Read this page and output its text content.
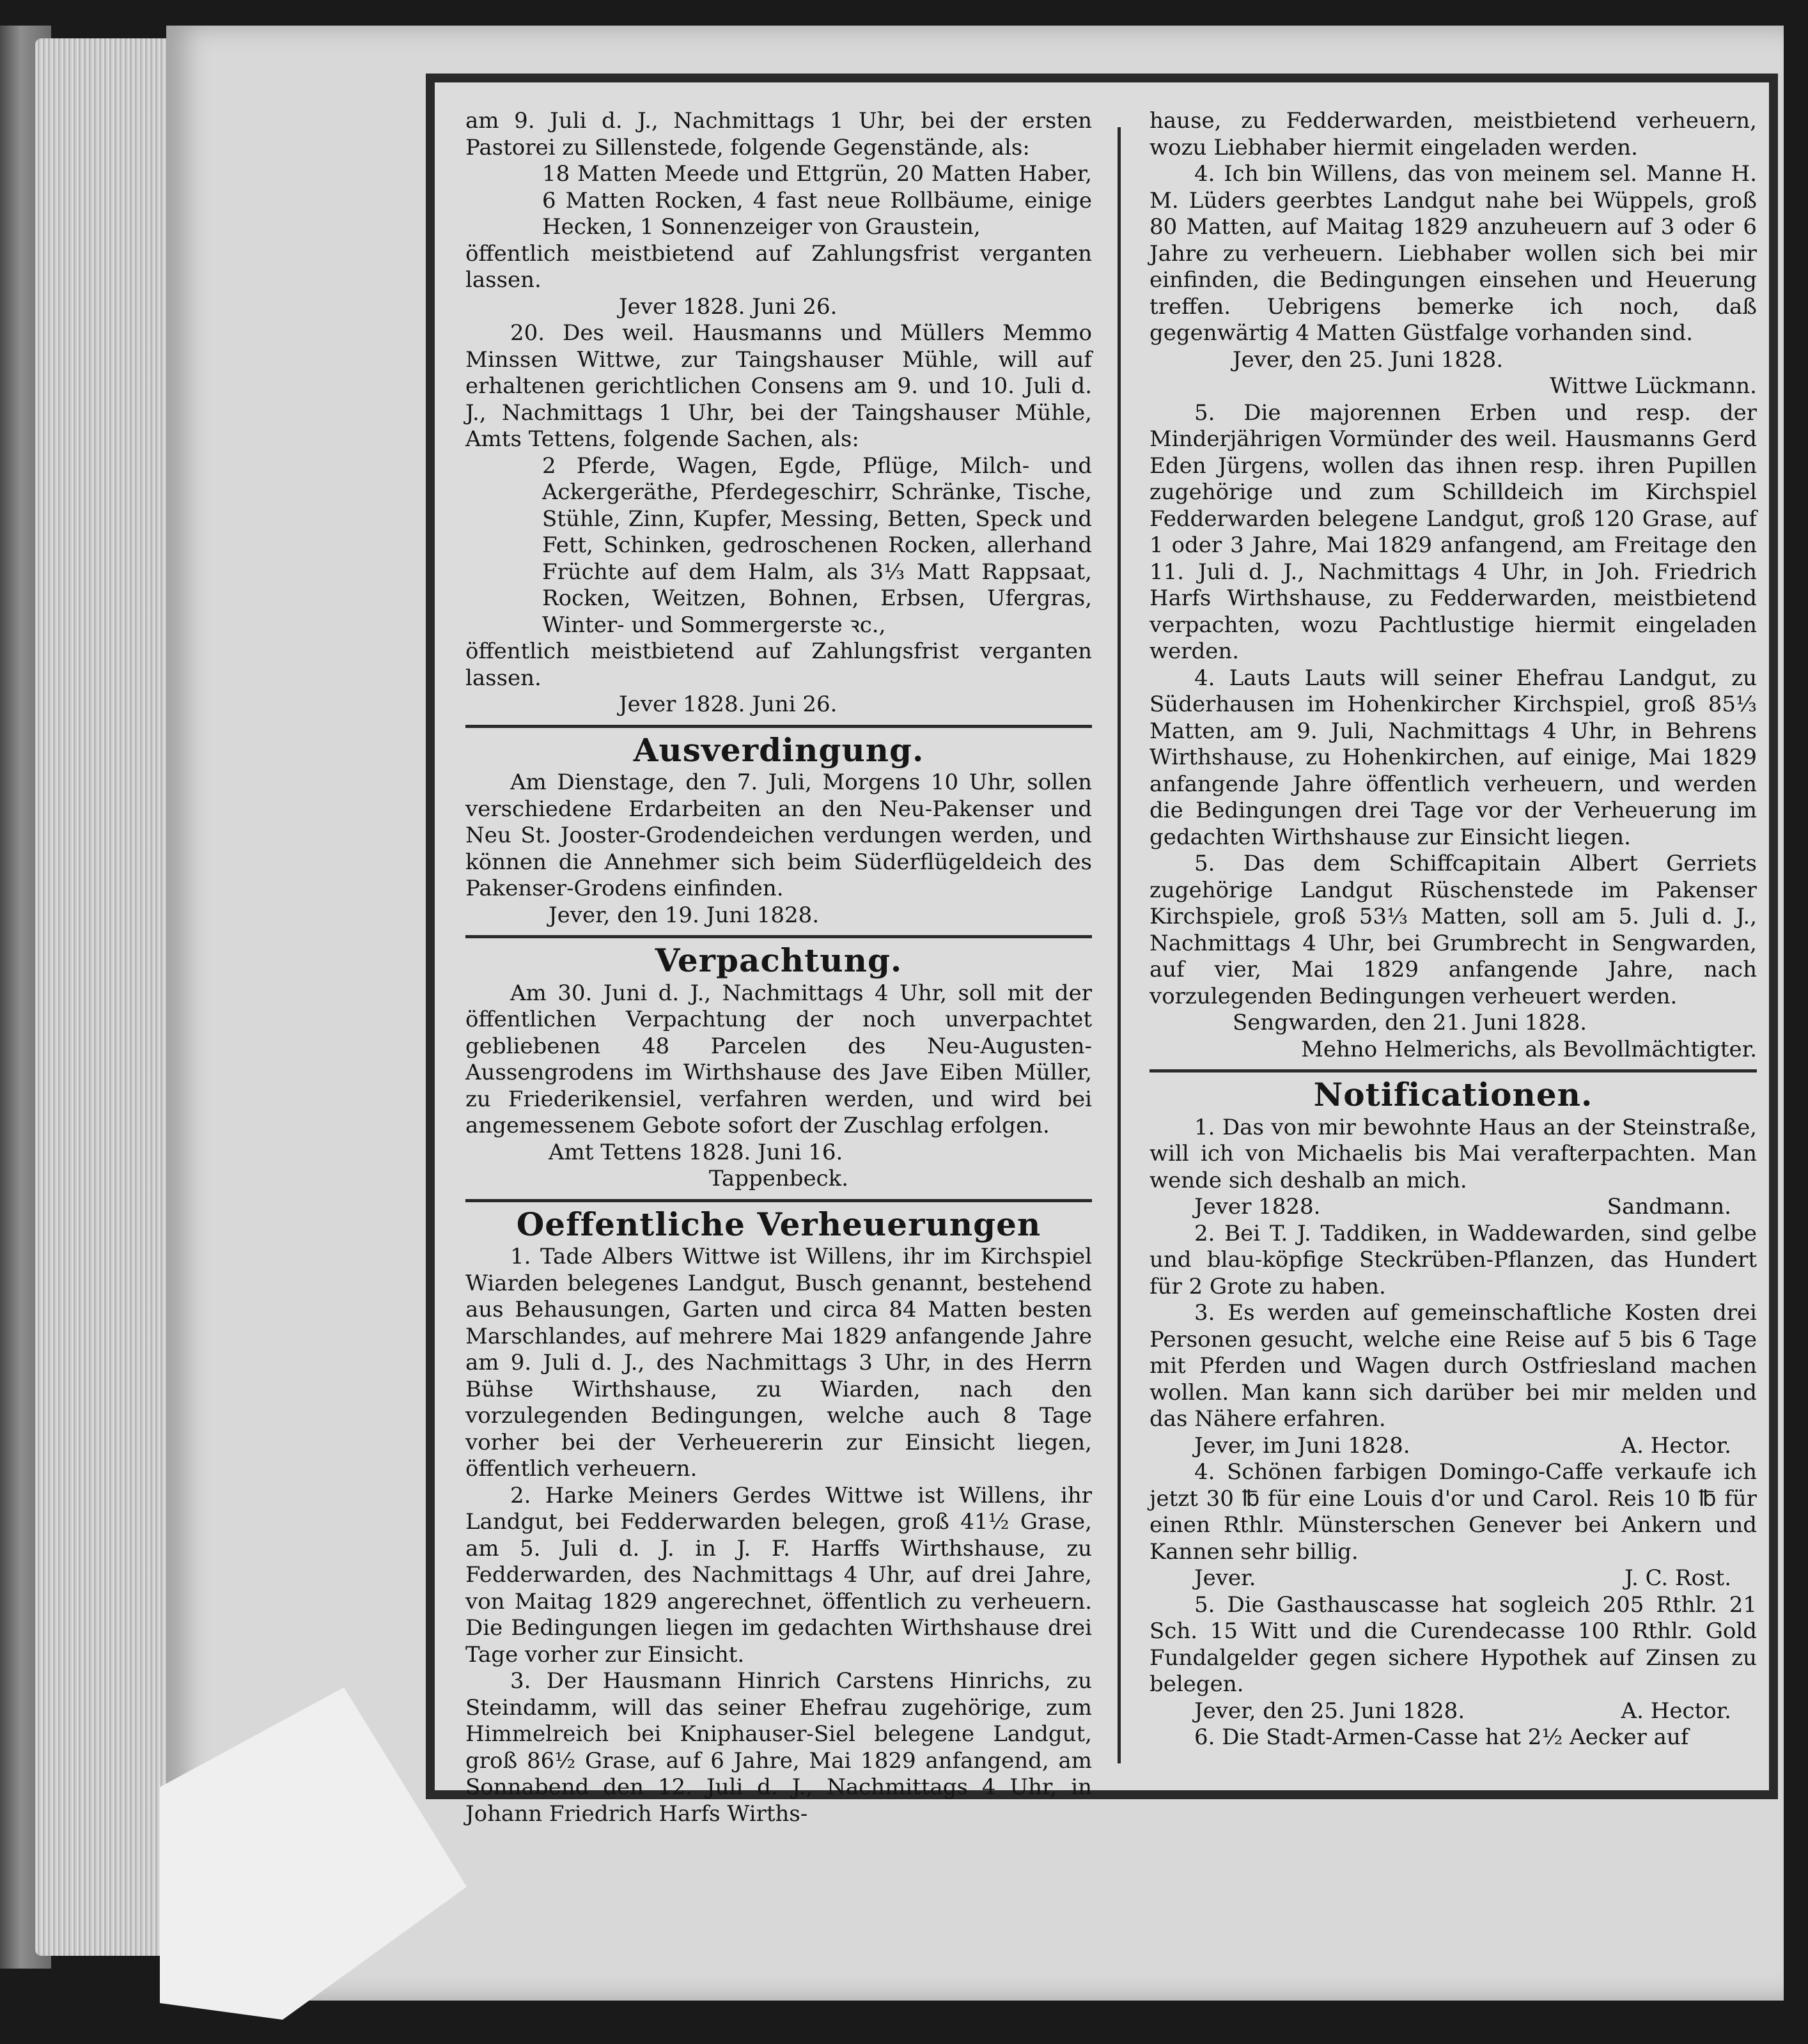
am 9. Juli d. J., Nachmittags 1 Uhr, bei der ersten Pastorei zu Sillenstede, folgende Gegenstände, als:

18 Matten Meede und Ettgrün, 20 Matten Haber, 6 Matten Rocken, 4 fast neue Rollbäume, einige Hecken, 1 Sonnenzeiger von Graustein,

öffentlich meistbietend auf Zahlungsfrist verganten lassen.

Jever 1828. Juni 26.

20. Des weil. Hausmanns und Müllers Memmo Minssen Wittwe, zur Taingshauser Mühle, will auf erhaltenen gerichtlichen Consens am 9. und 10. Juli d. J., Nachmittags 1 Uhr, bei der Taingshauser Mühle, Amts Tettens, folgende Sachen, als:

2 Pferde, Wagen, Egde, Pflüge, Milch- und Ackergeräthe, Pferdegeschirr, Schränke, Tische, Stühle, Zinn, Kupfer, Messing, Betten, Speck und Fett, Schinken, gedroschenen Rocken, allerhand Früchte auf dem Halm, als 3⅓ Matt Rappsaat, Rocken, Weitzen, Bohnen, Erbsen, Ufergras, Winter- und Sommergerste ꝛc.,

öffentlich meistbietend auf Zahlungsfrist verganten lassen.

Jever 1828. Juni 26.

Ausverdingung.

Am Dienstage, den 7. Juli, Morgens 10 Uhr, sollen verschiedene Erdarbeiten an den Neu-Pakenser und Neu St. Jooster-Grodendeichen verdungen werden, und können die Annehmer sich beim Süderflügeldeich des Pakenser-Grodens einfinden.

Jever, den 19. Juni 1828.

Verpachtung.

Am 30. Juni d. J., Nachmittags 4 Uhr, soll mit der öffentlichen Verpachtung der noch unverpachtet gebliebenen 48 Parcelen des Neu-Augusten-Aussengrodens im Wirthshause des Jave Eiben Müller, zu Friederikensiel, verfahren werden, und wird bei angemessenem Gebote sofort der Zuschlag erfolgen.

Amt Tettens 1828. Juni 16.

Tappenbeck.

Oeffentliche Verheuerungen

1. Tade Albers Wittwe ist Willens, ihr im Kirchspiel Wiarden belegenes Landgut, Busch genannt, bestehend aus Behausungen, Garten und circa 84 Matten besten Marschlandes, auf mehrere Mai 1829 anfangende Jahre am 9. Juli d. J., des Nachmittags 3 Uhr, in des Herrn Bühse Wirthshause, zu Wiarden, nach den vorzulegenden Bedingungen, welche auch 8 Tage vorher bei der Verheuererin zur Einsicht liegen, öffentlich verheuern.

2. Harke Meiners Gerdes Wittwe ist Willens, ihr Landgut, bei Fedderwarden belegen, groß 41½ Grase, am 5. Juli d. J. in J. F. Harffs Wirthshause, zu Fedderwarden, des Nachmittags 4 Uhr, auf drei Jahre, von Maitag 1829 angerechnet, öffentlich zu verheuern. Die Bedingungen liegen im gedachten Wirthshause drei Tage vorher zur Einsicht.

3. Der Hausmann Hinrich Carstens Hinrichs, zu Steindamm, will das seiner Ehefrau zugehörige, zum Himmelreich bei Kniphauser-Siel belegene Landgut, groß 86½ Grase, auf 6 Jahre, Mai 1829 anfangend, am Sonnabend den 12. Juli d. J., Nachmittags 4 Uhr, in Johann Friedrich Harfs Wirths-

hause, zu Fedderwarden, meistbietend verheuern, wozu Liebhaber hiermit eingeladen werden.

4. Ich bin Willens, das von meinem sel. Manne H. M. Lüders geerbtes Landgut nahe bei Wüppels, groß 80 Matten, auf Maitag 1829 anzuheuern auf 3 oder 6 Jahre zu verheuern. Liebhaber wollen sich bei mir einfinden, die Bedingungen einsehen und Heuerung treffen. Uebrigens bemerke ich noch, daß gegenwärtig 4 Matten Güstfalge vorhanden sind.

Jever, den 25. Juni 1828.

Wittwe Lückmann.

5. Die majorennen Erben und resp. der Minderjährigen Vormünder des weil. Hausmanns Gerd Eden Jürgens, wollen das ihnen resp. ihren Pupillen zugehörige und zum Schilldeich im Kirchspiel Fedderwarden belegene Landgut, groß 120 Grase, auf 1 oder 3 Jahre, Mai 1829 anfangend, am Freitage den 11. Juli d. J., Nachmittags 4 Uhr, in Joh. Friedrich Harfs Wirthshause, zu Fedderwarden, meistbietend verpachten, wozu Pachtlustige hiermit eingeladen werden.

4. Lauts Lauts will seiner Ehefrau Landgut, zu Süderhausen im Hohenkircher Kirchspiel, groß 85⅓ Matten, am 9. Juli, Nachmittags 4 Uhr, in Behrens Wirthshause, zu Hohenkirchen, auf einige, Mai 1829 anfangende Jahre öffentlich verheuern, und werden die Bedingungen drei Tage vor der Verheuerung im gedachten Wirthshause zur Einsicht liegen.

5. Das dem Schiffcapitain Albert Gerriets zugehörige Landgut Rüschenstede im Pakenser Kirchspiele, groß 53⅓ Matten, soll am 5. Juli d. J., Nachmittags 4 Uhr, bei Grumbrecht in Sengwarden, auf vier, Mai 1829 anfangende Jahre, nach vorzulegenden Bedingungen verheuert werden.

Sengwarden, den 21. Juni 1828.

Mehno Helmerichs, als Bevollmächtigter.

Notificationen.

1. Das von mir bewohnte Haus an der Steinstraße, will ich von Michaelis bis Mai verafterpachten. Man wende sich deshalb an mich.

Jever 1828.	Sandmann.

2. Bei T. J. Taddiken, in Waddewarden, sind gelbe und blau-köpfige Steckrüben-Pflanzen, das Hundert für 2 Grote zu haben.

3. Es werden auf gemeinschaftliche Kosten drei Personen gesucht, welche eine Reise auf 5 bis 6 Tage mit Pferden und Wagen durch Ostfriesland machen wollen. Man kann sich darüber bei mir melden und das Nähere erfahren.

Jever, im Juni 1828.	A. Hector.

4. Schönen farbigen Domingo-Caffe verkaufe ich jetzt 30 ℔ für eine Louis d'or und Carol. Reis 10 ℔ für einen Rthlr. Münsterschen Genever bei Ankern und Kannen sehr billig.

Jever.	J. C. Rost.

5. Die Gasthauscasse hat sogleich 205 Rthlr. 21 Sch. 15 Witt und die Curendecasse 100 Rthlr. Gold Fundalgelder gegen sichere Hypothek auf Zinsen zu belegen.

Jever, den 25. Juni 1828.	A. Hector.

6. Die Stadt-Armen-Casse hat 2½ Aecker auf
